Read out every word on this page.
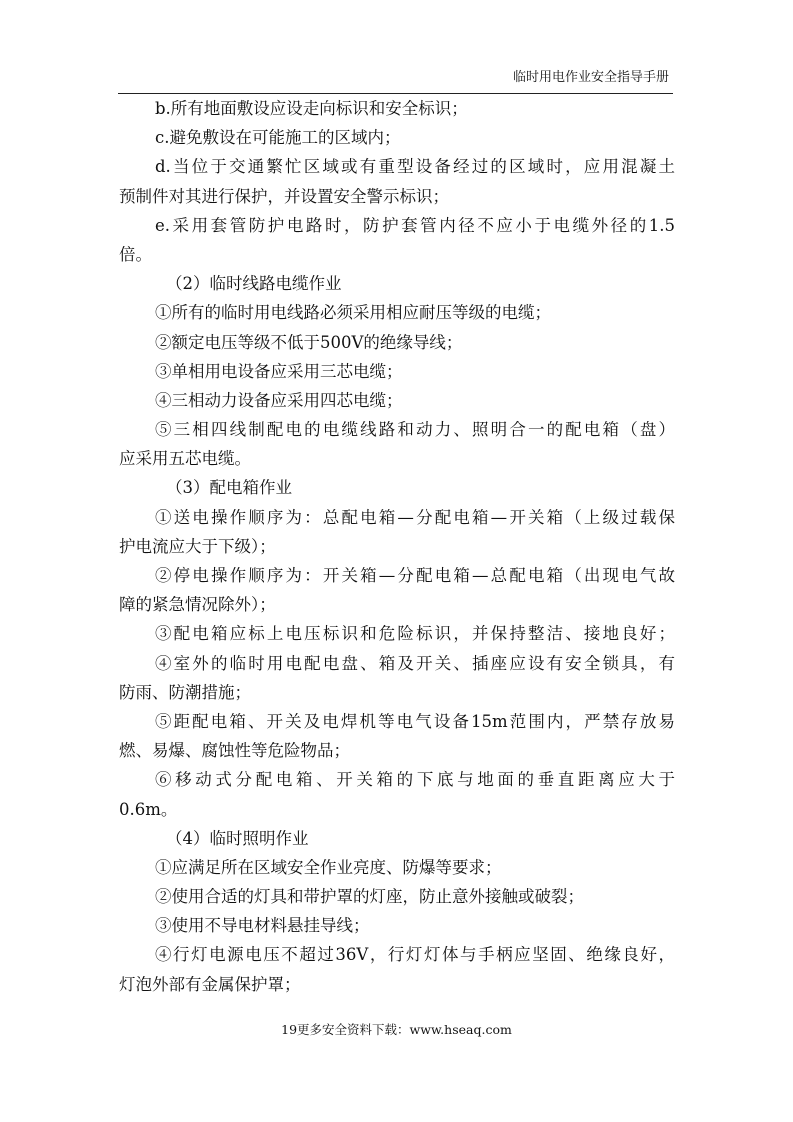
临时用电作业安全指导手册
b.所有地面敷设应设走向标识和安全标识；
c.避免敷设在可能施工的区域内；
d.当位于交通繁忙区域或有重型设备经过的区域时，应用混凝土
预制件对其进行保护，并设置安全警示标识；
e.采用套管防护电路时，防护套管内径不应小于电缆外径的1.5
倍。
（2）临时线路电缆作业
①所有的临时用电线路必须采用相应耐压等级的电缆；
②额定电压等级不低于500V的绝缘导线；
③单相用电设备应采用三芯电缆；
④三相动力设备应采用四芯电缆；
⑤三相四线制配电的电缆线路和动力、照明合一的配电箱（盘）
应采用五芯电缆。
（3）配电箱作业
①送电操作顺序为：总配电箱—分配电箱—开关箱（上级过载保
护电流应大于下级）；
②停电操作顺序为：开关箱—分配电箱—总配电箱（出现电气故
障的紧急情况除外）；
③配电箱应标上电压标识和危险标识，并保持整洁、接地良好；
④室外的临时用电配电盘、箱及开关、插座应设有安全锁具，有
防雨、防潮措施；
⑤距配电箱、开关及电焊机等电气设备15m范围内，严禁存放易
燃、易爆、腐蚀性等危险物品；
⑥移动式分配电箱、开关箱的下底与地面的垂直距离应大于
0.6m。
（4）临时照明作业
①应满足所在区域安全作业亮度、防爆等要求；
②使用合适的灯具和带护罩的灯座，防止意外接触或破裂；
③使用不导电材料悬挂导线；
④行灯电源电压不超过36V，行灯灯体与手柄应坚固、绝缘良好，
灯泡外部有金属保护罩；
19更多安全资料下载：www.hseaq.com
